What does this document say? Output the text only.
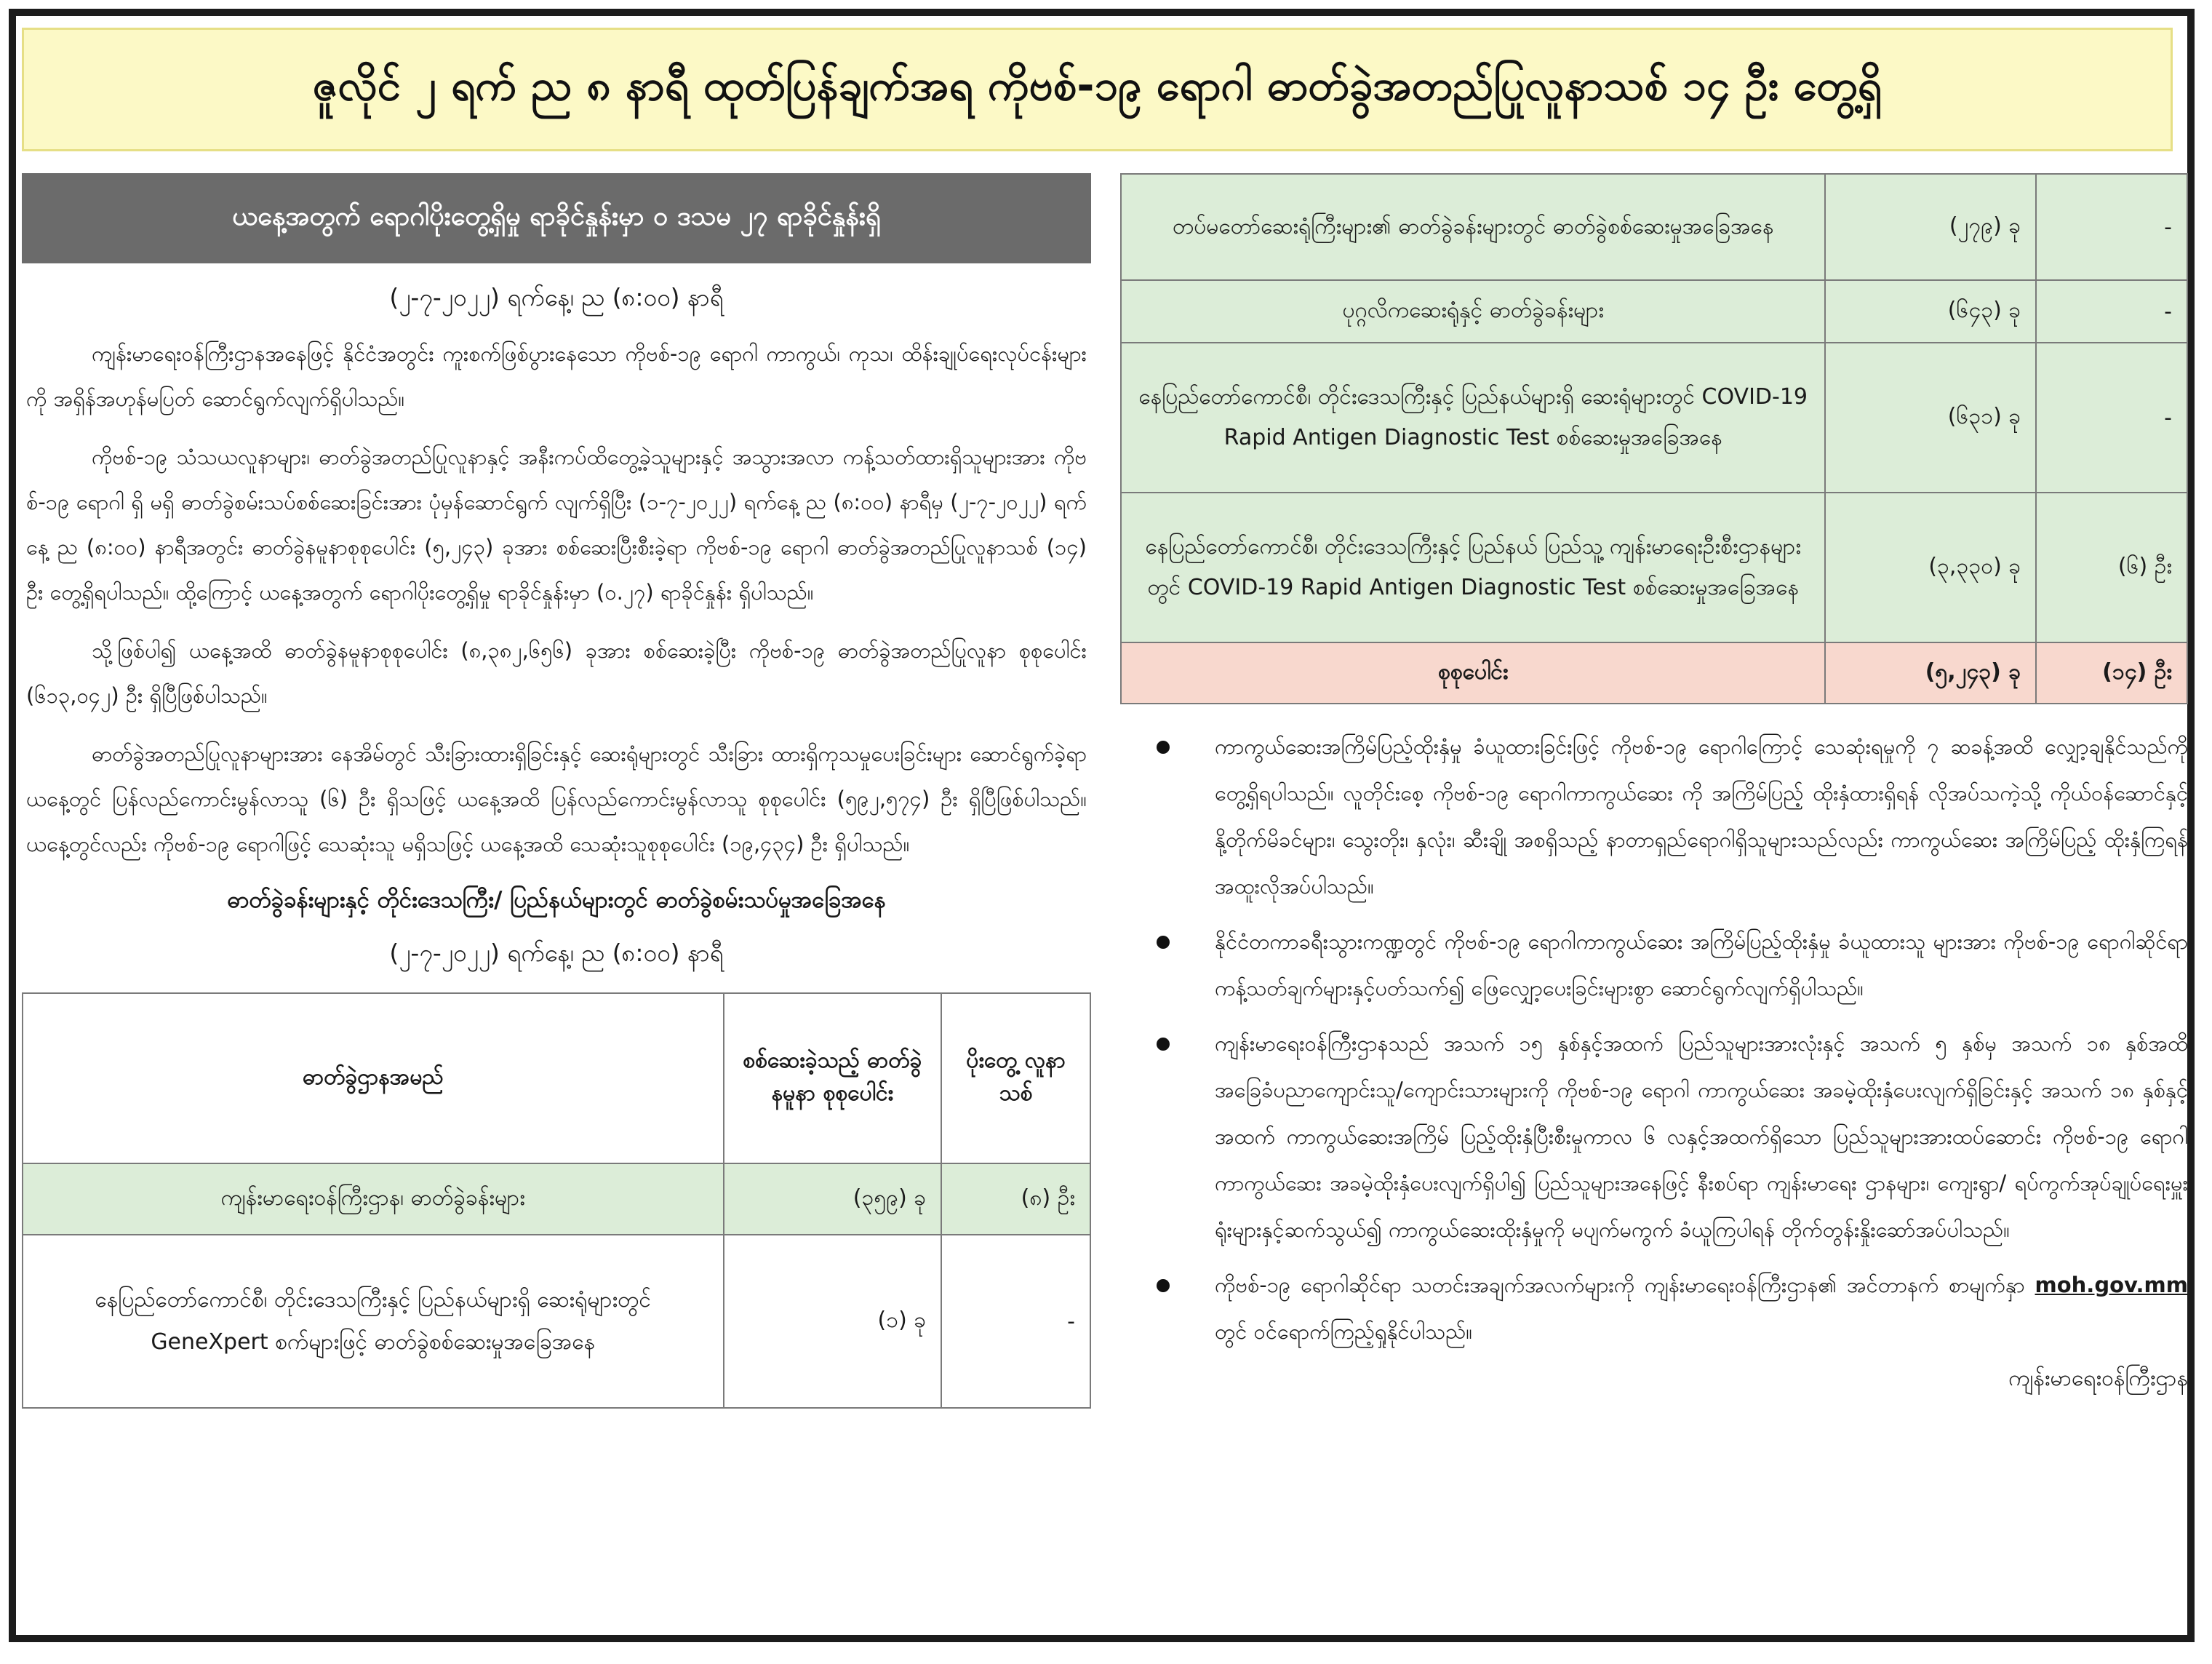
ဇူလိုင် ၂ ရက် ည ၈ နာရီ ထုတ်ပြန်ချက်အရ ကိုဗစ်-၁၉ ရောဂါ ဓာတ်ခွဲအတည်ပြုလူနာသစ် ၁၄ ဦး တွေ့ရှိ
ယနေ့အတွက် ရောဂါပိုးတွေ့ရှိမှု ရာခိုင်နှုန်းမှာ ၀ ဒသမ ၂၇ ရာခိုင်နှုန်းရှိ
(၂-၇-၂၀၂၂) ရက်နေ့၊ ည (၈:၀၀) နာရီ

ကျန်းမာရေးဝန်ကြီးဌာနအနေဖြင့် နိုင်ငံအတွင်း ကူးစက်ဖြစ်ပွားနေသော ကိုဗစ်-၁၉ ရောဂါ ကာကွယ်၊ ကုသ၊ ထိန်းချုပ်ရေးလုပ်ငန်းများကို အရှိန်အဟုန်မပြတ် ဆောင်ရွက်လျက်ရှိပါသည်။

ကိုဗစ်-၁၉ သံသယလူနာများ၊ ဓာတ်ခွဲအတည်ပြုလူနာနှင့် အနီးကပ်ထိတွေ့ခဲ့သူများနှင့် အသွားအလာ ကန့်သတ်ထားရှိသူများအား ကိုဗစ်-၁၉ ရောဂါ ရှိ မရှိ ဓာတ်ခွဲစမ်းသပ်စစ်ဆေးခြင်းအား ပုံမှန်ဆောင်ရွက် လျက်ရှိပြီး (၁-၇-၂၀၂၂) ရက်နေ့ ည (၈:၀၀) နာရီမှ (၂-၇-၂၀၂၂) ရက်နေ့ ည (၈:၀၀) နာရီအတွင်း ဓာတ်ခွဲနမူနာစုစုပေါင်း (၅,၂၄၃) ခုအား စစ်ဆေးပြီးစီးခဲ့ရာ ကိုဗစ်-၁၉ ရောဂါ ဓာတ်ခွဲအတည်ပြုလူနာသစ် (၁၄) ဦး တွေ့ရှိရပါသည်။ ထို့ကြောင့် ယနေ့အတွက် ရောဂါပိုးတွေ့ရှိမှု ရာခိုင်နှုန်းမှာ (၀.၂၇) ရာခိုင်နှုန်း ရှိပါသည်။

သို့ဖြစ်ပါ၍ ယနေ့အထိ ဓာတ်ခွဲနမူနာစုစုပေါင်း (၈,၃၈၂,၆၅၆) ခုအား စစ်ဆေးခဲ့ပြီး ကိုဗစ်-၁၉ ဓာတ်ခွဲအတည်ပြုလူနာ စုစုပေါင်း (၆၁၃,၀၄၂) ဦး ရှိပြီဖြစ်ပါသည်။

ဓာတ်ခွဲအတည်ပြုလူနာများအား နေအိမ်တွင် သီးခြားထားရှိခြင်းနှင့် ဆေးရုံများတွင် သီးခြား ထားရှိကုသမှုပေးခြင်းများ ဆောင်ရွက်ခဲ့ရာ ယနေ့တွင် ပြန်လည်ကောင်းမွန်လာသူ (၆) ဦး ရှိသဖြင့် ယနေ့အထိ ပြန်လည်ကောင်းမွန်လာသူ စုစုပေါင်း (၅၉၂,၅၇၄) ဦး ရှိပြီဖြစ်ပါသည်။ ယနေ့တွင်လည်း ကိုဗစ်-၁၉ ရောဂါဖြင့် သေဆုံးသူ မရှိသဖြင့် ယနေ့အထိ သေဆုံးသူစုစုပေါင်း (၁၉,၄၃၄) ဦး ရှိပါသည်။

ဓာတ်ခွဲခန်းများနှင့် တိုင်းဒေသကြီး/ ပြည်နယ်များတွင် ဓာတ်ခွဲစမ်းသပ်မှုအခြေအနေ
(၂-၇-၂၀၂၂) ရက်နေ့၊ ည (၈:၀၀) နာရီ
ဓာတ်ခွဲဌာနအမည်	စစ်ဆေးခဲ့သည့် ဓာတ်ခွဲနမူနာ စုစုပေါင်း	ပိုးတွေ့ လူနာသစ်
ကျန်းမာရေးဝန်ကြီးဌာန၊ ဓာတ်ခွဲခန်းများ	(၃၅၉) ခု	(၈) ဦး
နေပြည်တော်ကောင်စီ၊ တိုင်းဒေသကြီးနှင့် ပြည်နယ်များရှိ ဆေးရုံများတွင် GeneXpert စက်များဖြင့် ဓာတ်ခွဲစစ်ဆေးမှုအခြေအနေ	(၁) ခု	-
တပ်မတော်ဆေးရုံကြီးများ၏ ဓာတ်ခွဲခန်းများတွင် ဓာတ်ခွဲစစ်ဆေးမှုအခြေအနေ	(၂၇၉) ခု	-
ပုဂ္ဂလိကဆေးရုံနှင့် ဓာတ်ခွဲခန်းများ	(၆၄၃) ခု	-
နေပြည်တော်ကောင်စီ၊ တိုင်းဒေသကြီးနှင့် ပြည်နယ်များရှိ ဆေးရုံများတွင် COVID-19 Rapid Antigen Diagnostic Test စစ်ဆေးမှုအခြေအနေ	(၆၃၁) ခု	-
နေပြည်တော်ကောင်စီ၊ တိုင်းဒေသကြီးနှင့် ပြည်နယ် ပြည်သူ့ ကျန်းမာရေးဦးစီးဌာနများတွင် COVID-19 Rapid Antigen Diagnostic Test စစ်ဆေးမှုအခြေအနေ	(၃,၃၃၀) ခု	(၆) ဦး
စုစုပေါင်း	(၅,၂၄၃) ခု	(၁၄) ဦး
ကာကွယ်ဆေးအကြိမ်ပြည့်ထိုးနှံမှု ခံယူထားခြင်းဖြင့် ကိုဗစ်-၁၉ ရောဂါကြောင့် သေဆုံးရမှုကို ၇ ဆခန့်အထိ လျှော့ချနိုင်သည်ကို တွေ့ရှိရပါသည်။ လူတိုင်းစေ့ ကိုဗစ်-၁၉ ရောဂါကာကွယ်ဆေး ကို အကြိမ်ပြည့် ထိုးနှံထားရှိရန် လိုအပ်သကဲ့သို့ ကိုယ်ဝန်ဆောင်နှင့် နို့တိုက်မိခင်များ၊ သွေးတိုး၊ နှလုံး၊ ဆီးချို အစရှိသည့် နာတာရှည်ရောဂါရှိသူများသည်လည်း ကာကွယ်ဆေး အကြိမ်ပြည့် ထိုးနှံကြရန် အထူးလိုအပ်ပါသည်။
နိုင်ငံတကာခရီးသွားကဏ္ဍတွင် ကိုဗစ်-၁၉ ရောဂါကာကွယ်ဆေး အကြိမ်ပြည့်ထိုးနှံမှု ခံယူထားသူ များအား ကိုဗစ်-၁၉ ရောဂါဆိုင်ရာ ကန့်သတ်ချက်များနှင့်ပတ်သက်၍ ဖြေလျှော့ပေးခြင်းများစွာ ဆောင်ရွက်လျက်ရှိပါသည်။
ကျန်းမာရေးဝန်ကြီးဌာနသည် အသက် ၁၅ နှစ်နှင့်အထက် ပြည်သူများအားလုံးနှင့် အသက် ၅ နှစ်မှ အသက် ၁၈ နှစ်အထိ အခြေခံပညာကျောင်းသူ/ကျောင်းသားများကို ကိုဗစ်-၁၉ ရောဂါ ကာကွယ်ဆေး အခမဲ့ထိုးနှံပေးလျက်ရှိခြင်းနှင့် အသက် ၁၈ နှစ်နှင့်အထက် ကာကွယ်ဆေးအကြိမ် ပြည့်ထိုးနှံပြီးစီးမှုကာလ ၆ လနှင့်အထက်ရှိသော ပြည်သူများအားထပ်ဆောင်း ကိုဗစ်-၁၉ ရောဂါ ကာကွယ်ဆေး အခမဲ့ထိုးနှံပေးလျက်ရှိပါ၍ ပြည်သူများအနေဖြင့် နီးစပ်ရာ ကျန်းမာရေး ဌာနများ၊ ကျေးရွာ/ ရပ်ကွက်အုပ်ချုပ်ရေးမှူးရုံးများနှင့်ဆက်သွယ်၍ ကာကွယ်ဆေးထိုးနှံမှုကို မပျက်မကွက် ခံယူကြပါရန် တိုက်တွန်းနှိုးဆော်အပ်ပါသည်။
ကိုဗစ်-၁၉ ရောဂါဆိုင်ရာ သတင်းအချက်အလက်များကို ကျန်းမာရေးဝန်ကြီးဌာန၏ အင်တာနက် စာမျက်နှာ moh.gov.mm တွင် ဝင်ရောက်ကြည့်ရှုနိုင်ပါသည်။
ကျန်းမာရေးဝန်ကြီးဌာန
